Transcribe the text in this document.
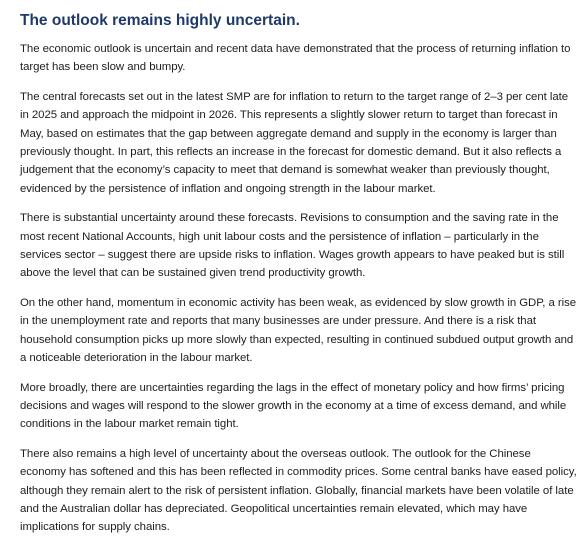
The outlook remains highly uncertain.

The economic outlook is uncertain and recent data have demonstrated that the process of returning inflation to target has been slow and bumpy.

The central forecasts set out in the latest SMP are for inflation to return to the target range of 2–3 per cent late in 2025 and approach the midpoint in 2026. This represents a slightly slower return to target than forecast in May, based on estimates that the gap between aggregate demand and supply in the economy is larger than previously thought. In part, this reflects an increase in the forecast for domestic demand. But it also reflects a judgement that the economy’s capacity to meet that demand is somewhat weaker than previously thought, evidenced by the persistence of inflation and ongoing strength in the labour market.

There is substantial uncertainty around these forecasts. Revisions to consumption and the saving rate in the most recent National Accounts, high unit labour costs and the persistence of inflation – particularly in the services sector – suggest there are upside risks to inflation. Wages growth appears to have peaked but is still above the level that can be sustained given trend productivity growth.

On the other hand, momentum in economic activity has been weak, as evidenced by slow growth in GDP, a rise in the unemployment rate and reports that many businesses are under pressure. And there is a risk that household consumption picks up more slowly than expected, resulting in continued subdued output growth and a noticeable deterioration in the labour market.

More broadly, there are uncertainties regarding the lags in the effect of monetary policy and how firms’ pricing decisions and wages will respond to the slower growth in the economy at a time of excess demand, and while conditions in the labour market remain tight.

There also remains a high level of uncertainty about the overseas outlook. The outlook for the Chinese economy has softened and this has been reflected in commodity prices. Some central banks have eased policy, although they remain alert to the risk of persistent inflation. Globally, financial markets have been volatile of late and the Australian dollar has depreciated. Geopolitical uncertainties remain elevated, which may have implications for supply chains.
